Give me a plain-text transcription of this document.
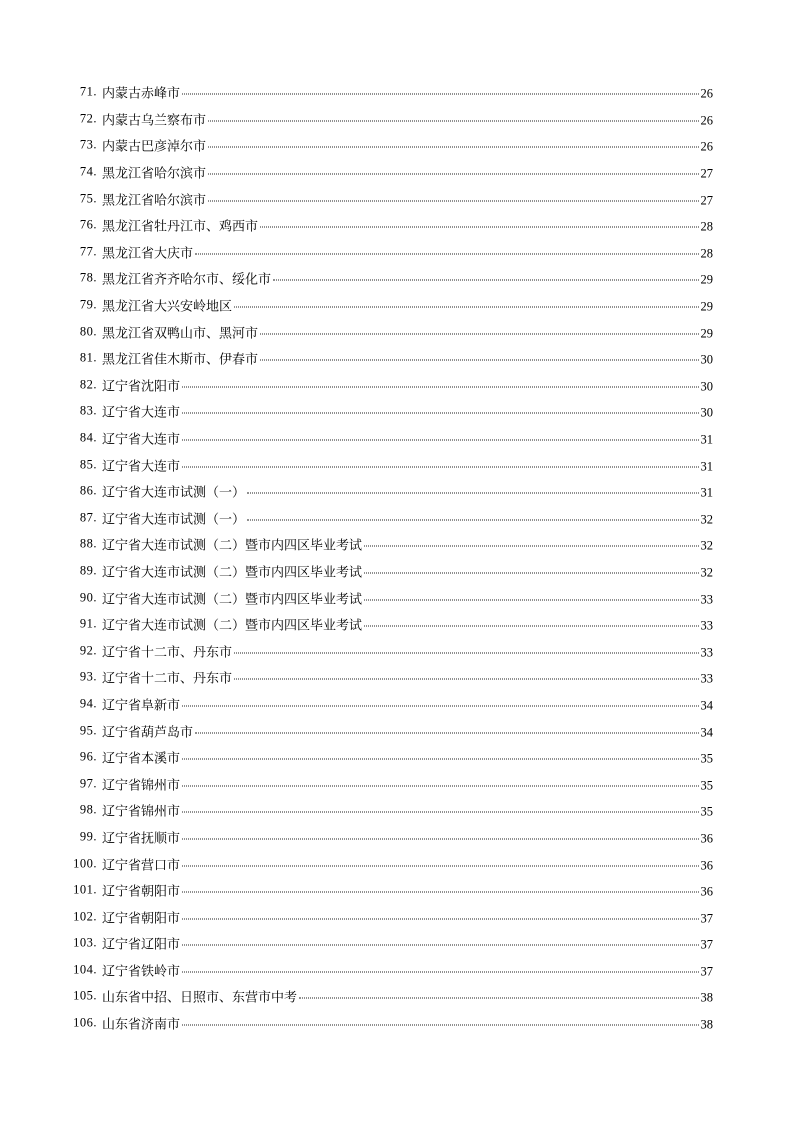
71. 内蒙古赤峰市	26
72. 内蒙古乌兰察布市	26
73. 内蒙古巴彦淖尔市	26
74. 黑龙江省哈尔滨市	27
75. 黑龙江省哈尔滨市	27
76. 黑龙江省牡丹江市、鸡西市	28
77. 黑龙江省大庆市	28
78. 黑龙江省齐齐哈尔市、绥化市	29
79. 黑龙江省大兴安岭地区	29
80. 黑龙江省双鸭山市、黑河市	29
81. 黑龙江省佳木斯市、伊春市	30
82. 辽宁省沈阳市	30
83. 辽宁省大连市	30
84. 辽宁省大连市	31
85. 辽宁省大连市	31
86. 辽宁省大连市试测（一）	31
87. 辽宁省大连市试测（一）	32
88. 辽宁省大连市试测（二）暨市内四区毕业考试	32
89. 辽宁省大连市试测（二）暨市内四区毕业考试	32
90. 辽宁省大连市试测（二）暨市内四区毕业考试	33
91. 辽宁省大连市试测（二）暨市内四区毕业考试	33
92. 辽宁省十二市、丹东市	33
93. 辽宁省十二市、丹东市	33
94. 辽宁省阜新市	34
95. 辽宁省葫芦岛市	34
96. 辽宁省本溪市	35
97. 辽宁省锦州市	35
98. 辽宁省锦州市	35
99. 辽宁省抚顺市	36
100. 辽宁省营口市	36
101. 辽宁省朝阳市	36
102. 辽宁省朝阳市	37
103. 辽宁省辽阳市	37
104. 辽宁省铁岭市	37
105. 山东省中招、日照市、东营市中考	38
106. 山东省济南市	38
